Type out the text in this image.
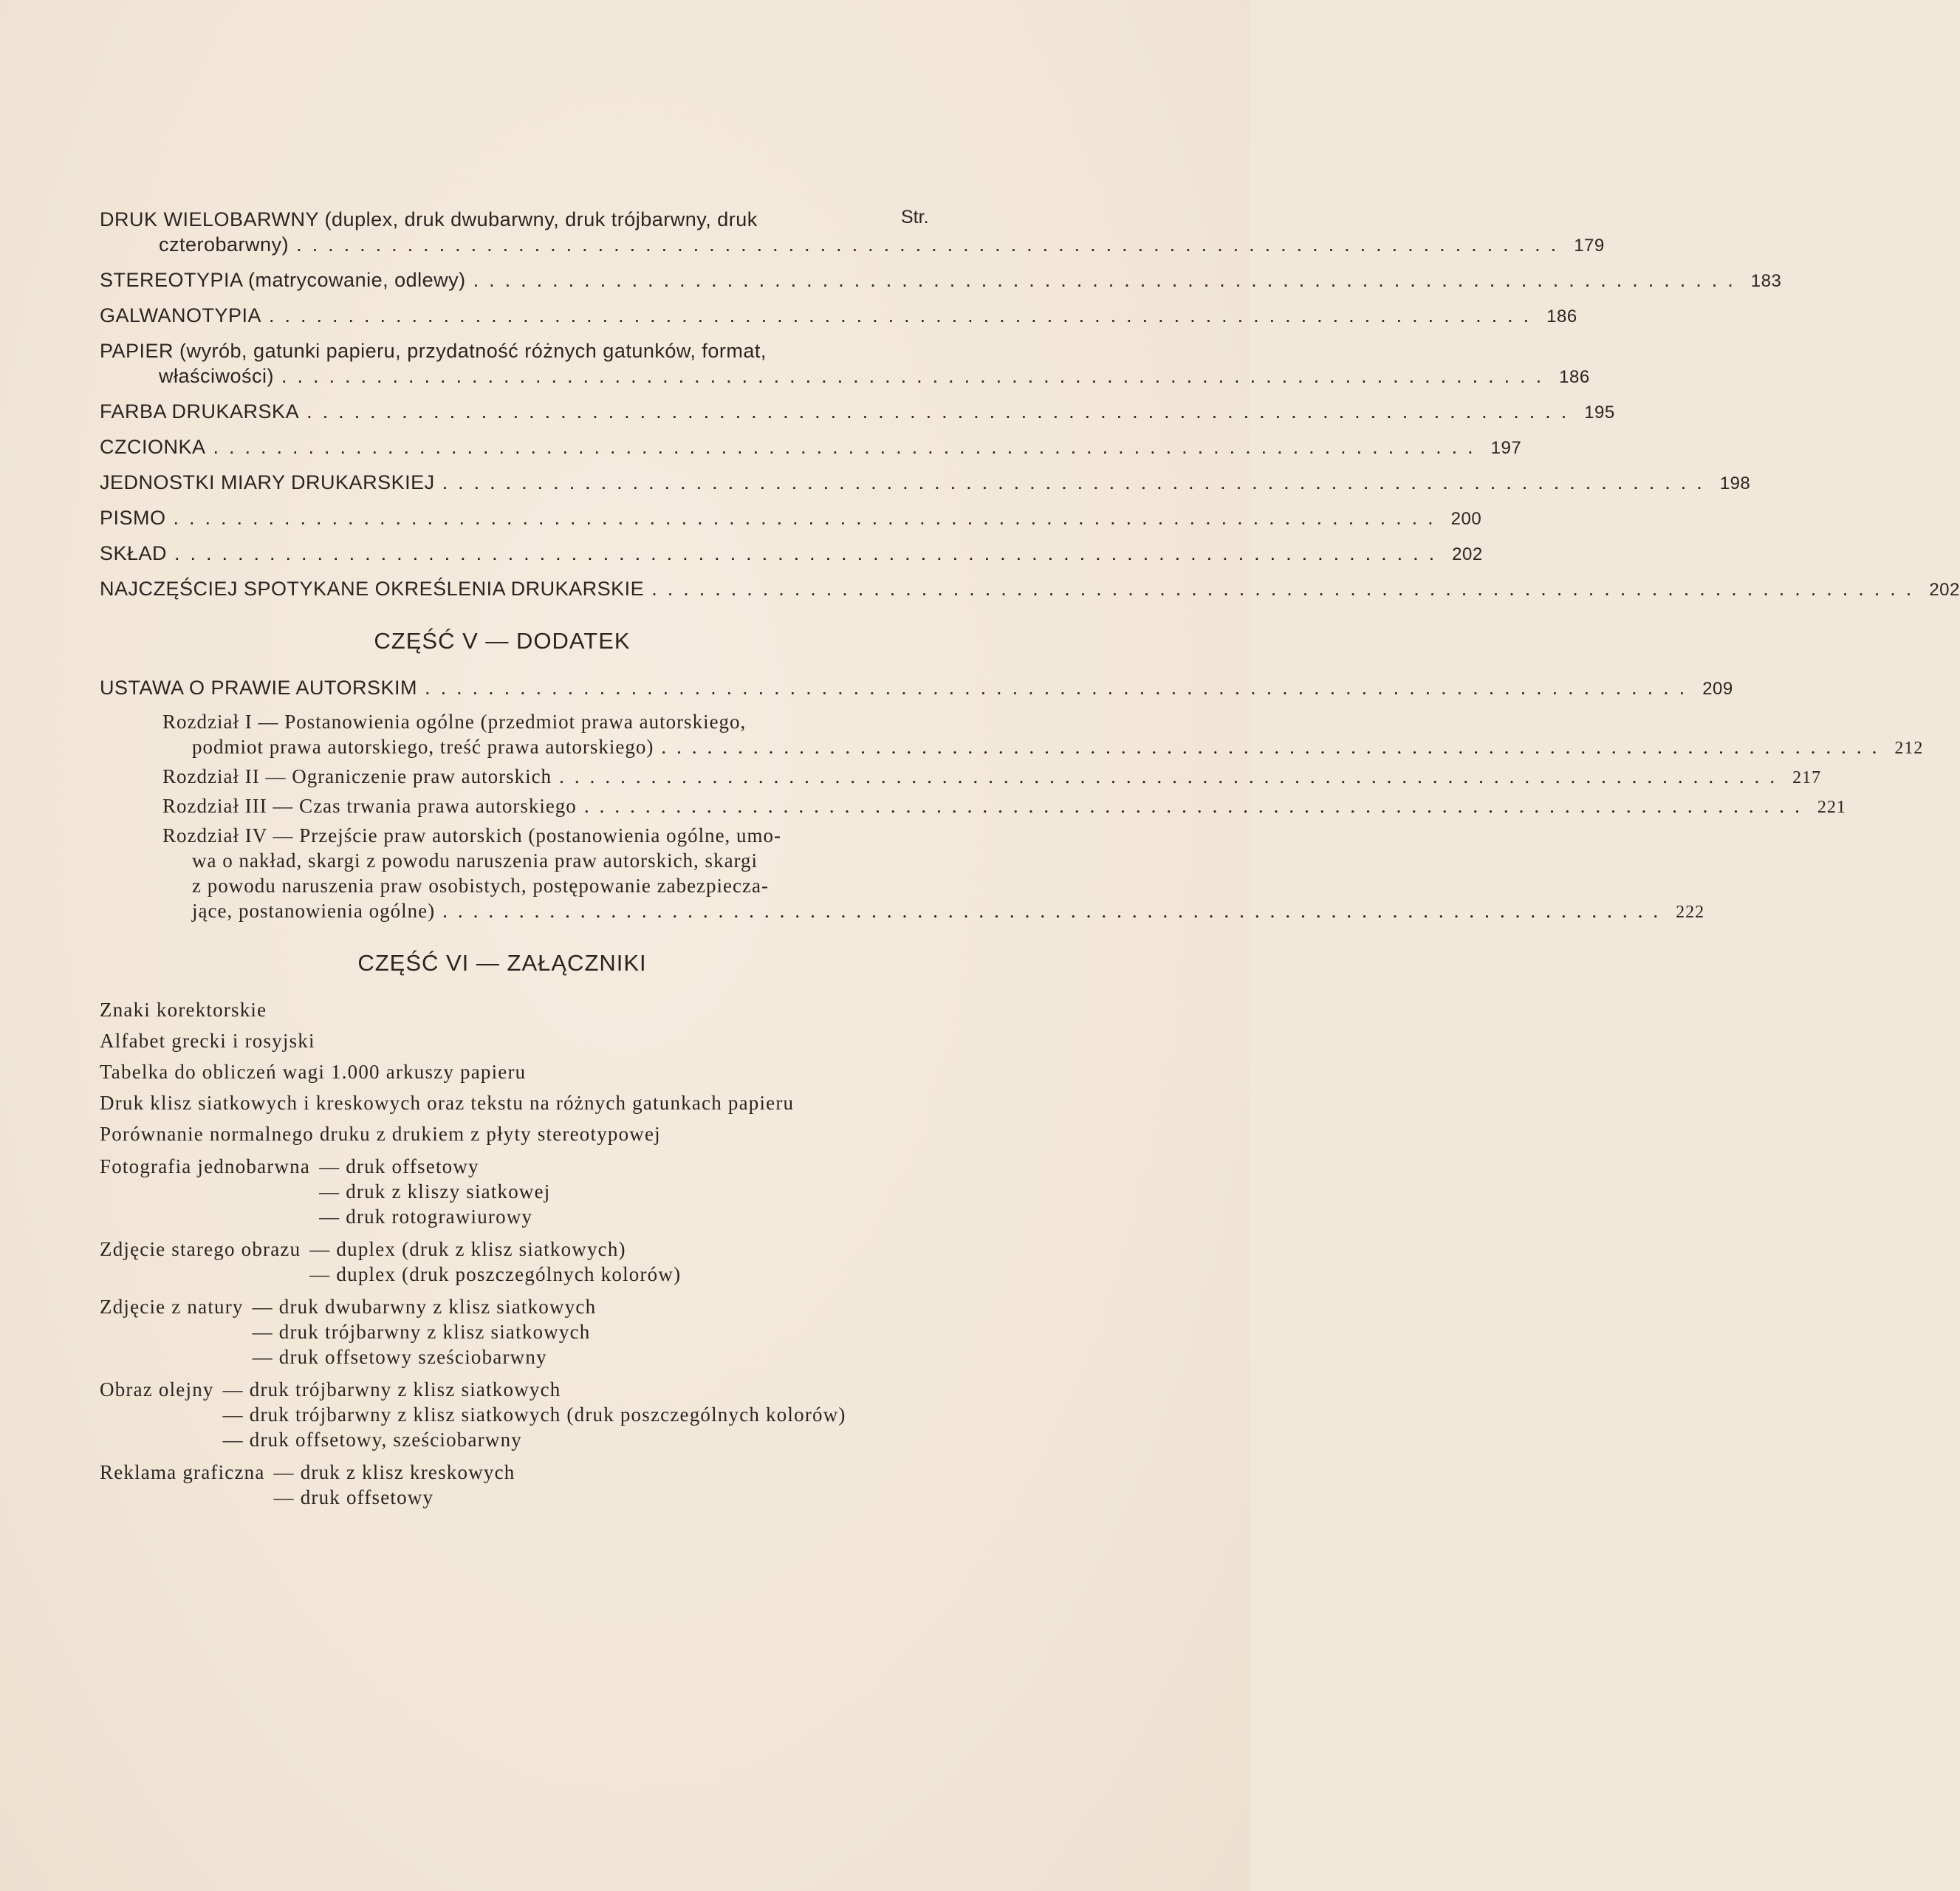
Str.
DRUK WIELOBARWNY (duplex, druk dwubarwny, druk trójbarwny, druk
czterobarwny) ................................................................................ 179
STEREOTYPIA (matrycowanie, odlewy) ................................................................................ 183
GALWANOTYPIA ................................................................................ 186
PAPIER (wyrób, gatunki papieru, przydatność różnych gatunków, format,
właściwości) ................................................................................ 186
FARBA DRUKARSKA ................................................................................ 195
CZCIONKA ................................................................................ 197
JEDNOSTKI MIARY DRUKARSKIEJ ................................................................................ 198
PISMO ................................................................................ 200
SKŁAD ................................................................................ 202
NAJCZĘŚCIEJ SPOTYKANE OKREŚLENIA DRUKARSKIE ................................................................................ 202
CZĘŚĆ V — DODATEK
USTAWA O PRAWIE AUTORSKIM ................................................................................ 209
Rozdział I — Postanowienia ogólne (przedmiot prawa autorskiego,
podmiot prawa autorskiego, treść prawa autorskiego) ................................................................................ 212
Rozdział II — Ograniczenie praw autorskich ................................................................................ 217
Rozdział III — Czas trwania prawa autorskiego ................................................................................ 221
Rozdział IV — Przejście praw autorskich (postanowienia ogólne, umo-
wa o nakład, skargi z powodu naruszenia praw autorskich, skargi
z powodu naruszenia praw osobistych, postępowanie zabezpiecza-
jące, postanowienia ogólne) ................................................................................ 222
CZĘŚĆ VI — ZAŁĄCZNIKI
Znaki korektorskie
Alfabet grecki i rosyjski
Tabelka do obliczeń wagi 1.000 arkuszy papieru
Druk klisz siatkowych i kreskowych oraz tekstu na różnych gatunkach papieru
Porównanie normalnego druku z drukiem z płyty stereotypowej
Fotografia jednobarwna — druk offsetowy
— druk z kliszy siatkowej
— druk rotograwiurowy
Zdjęcie starego obrazu — duplex (druk z klisz siatkowych)
— duplex (druk poszczególnych kolorów)
Zdjęcie z natury — druk dwubarwny z klisz siatkowych
— druk trójbarwny z klisz siatkowych
— druk offsetowy sześciobarwny
Obraz olejny — druk trójbarwny z klisz siatkowych
— druk trójbarwny z klisz siatkowych (druk poszczególnych kolorów)
— druk offsetowy, sześciobarwny
Reklama graficzna — druk z klisz kreskowych
— druk offsetowy
